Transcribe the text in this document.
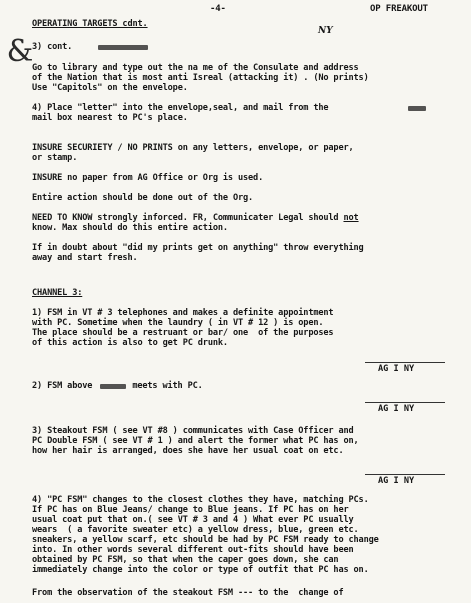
-4-	OP FREAKOUT
OPERATING TARGETS cdnt.
&
NY
3) cont.
Go to library and type out the na me of the Consulate and address
of the Nation that is most anti Isreal (attacking it) . (No prints)
Use "Capitols" on the envelope.
4) Place "letter" into the envelope,seal, and mail from the
mail box nearest to PC's place.
INSURE SECURIETY / NO PRINTS on any letters, envelope, or paper,
or stamp.
INSURE no paper from AG Office or Org is used.
Entire action should be done out of the Org.
NEED TO KNOW strongly inforced. FR, Communicater Legal should not
know. Max should do this entire action.
If in doubt about "did my prints get on anything" throw everything
away and start fresh.
CHANNEL 3:
1) FSM in VT # 3 telephones and makes a definite appointment
with PC. Sometime when the laundry ( in VT # 12 ) is open.
The place should be a restruant or bar/ one  of the purposes
of this action is also to get PC drunk.
AG I NY
2) FSM above	meets with PC.
AG I NY
3) Steakout FSM ( see VT #8 ) communicates with Case Officer and
PC Double FSM ( see VT # 1 ) and alert the former what PC has on,
how her hair is arranged, does she have her usual coat on etc.
AG I NY
4) "PC FSM" changes to the closest clothes they have, matching PCs.
If PC has on Blue Jeans/ change to Blue jeans. If PC has on her
usual coat put that on.( see VT # 3 and 4 ) What ever PC usually
wears  ( a favorite sweater etc) a yellow dress, blue, green etc.
sneakers, a yellow scarf, etc should be had by PC FSM ready to change
into. In other words several different out-fits should have been
obtained by PC FSM, so that when the caper goes down, she can
immediately change into the color or type of outfit that PC has on.
From the observation of the steakout FSM --- to the  change of
